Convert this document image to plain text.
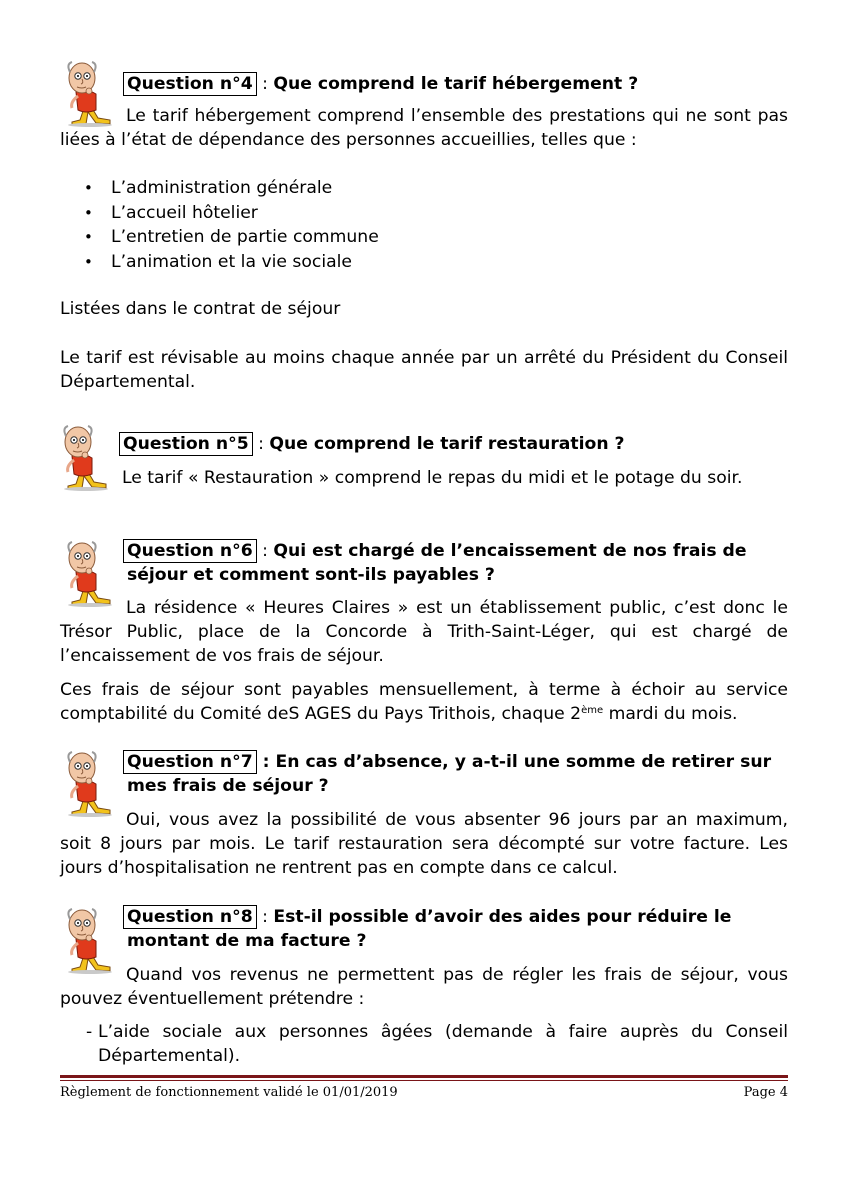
Question n°4 : Que comprend le tarif hébergement ?

Le tarif hébergement comprend l’ensemble des prestations qui ne sont pas liées à l’état de dépendance des personnes accueillies, telles que :

• L’administration générale
• L’accueil hôtelier
• L’entretien de partie commune
• L’animation et la vie sociale

Listées dans le contrat de séjour

Le tarif est révisable au moins chaque année par un arrêté du Président du Conseil Départemental.

Question n°5 : Que comprend le tarif restauration ?

Le tarif « Restauration » comprend le repas du midi et le potage du soir.

Question n°6 : Qui est chargé de l’encaissement de nos frais de séjour et comment sont-ils payables ?

La résidence « Heures Claires » est un établissement public, c’est donc le Trésor Public, place de la Concorde à Trith-Saint-Léger, qui est chargé de l’encaissement de vos frais de séjour.

Ces frais de séjour sont payables mensuellement, à terme à échoir au service comptabilité du Comité deS AGES du Pays Trithois, chaque 2ème mardi du mois.

Question n°7 : En cas d’absence, y a-t-il une somme de retirer sur mes frais de séjour ?

Oui, vous avez la possibilité de vous absenter 96 jours par an maximum, soit 8 jours par mois. Le tarif restauration sera décompté sur votre facture. Les jours d’hospitalisation ne rentrent pas en compte dans ce calcul.

Question n°8 : Est-il possible d’avoir des aides pour réduire le montant de ma facture ?

Quand vos revenus ne permettent pas de régler les frais de séjour, vous pouvez éventuellement prétendre :

- L’aide sociale aux personnes âgées (demande à faire auprès du Conseil Départemental).

Règlement de fonctionnement validé le 01/01/2019	Page 4
